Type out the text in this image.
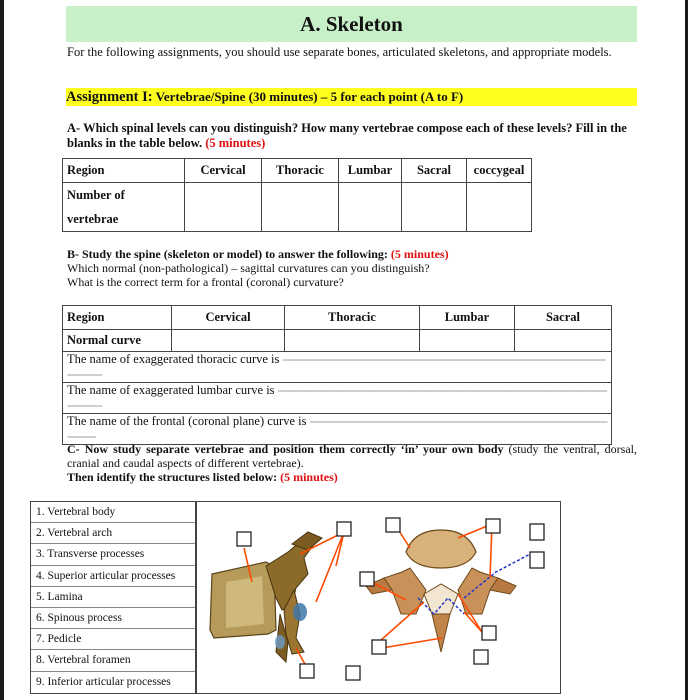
A. Skeleton
For the following assignments, you should use separate bones, articulated skeletons, and appropriate models.
Assignment I: Vertebrae/Spine (30 minutes) – 5 for each point (A to F)
A- Which spinal levels can you distinguish? How many vertebrae compose each of these levels? Fill in the blanks in the table below. (5 minutes)
Region	Cervical	Thoracic	Lumbar	Sacral	coccygeal
Number of
vertebrae					
B- Study the spine (skeleton or model) to answer the following: (5 minutes)
Which normal (non-pathological) – sagittal curvatures can you distinguish?
What is the correct term for a frontal (coronal) curvature?
Region	Cervical	Thoracic	Lumbar	Sacral
Normal curve				
The name of exaggerated thoracic curve is -----------------------------------------------------------------------------------------------------------------				
The name of exaggerated lumbar curve is -------------------------------------------------------------------------------------------------------------------				
The name of the frontal (coronal plane) curve is -------------------------------------------------------------------------------------------------------				
C- Now study separate vertebrae and position them correctly ‘in’ your own body (study the ventral, dorsal, cranial and caudal aspects of different vertebrae).
Then identify the structures listed below: (5 minutes)
1. Vertebral body
2. Vertebral arch
3. Transverse processes
4. Superior articular processes
5. Lamina
6. Spinous process
7. Pedicle
8. Vertebral foramen
9. Inferior articular processes
